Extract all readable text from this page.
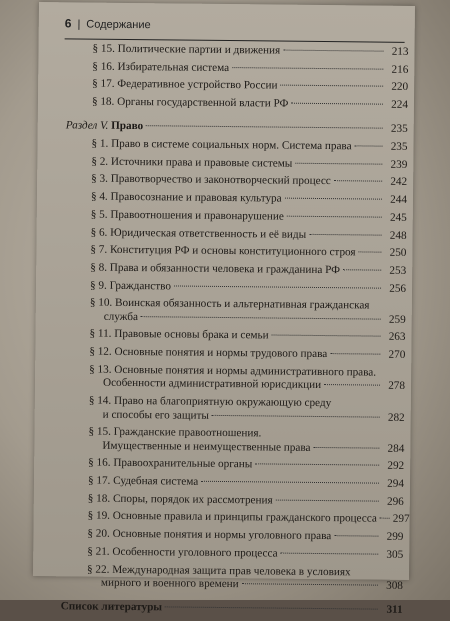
6 | Содержание
§ 15. Политические партии и движения	213
§ 16. Избирательная система	216
§ 17. Федеративное устройство России	220
§ 18. Органы государственной власти РФ	224
Раздел V.
Право	235
§ 1. Право в системе социальных норм. Система права	235
§ 2. Источники права и правовые системы	239
§ 3. Правотворчество и законотворческий процесс	242
§ 4. Правосознание и правовая культура	244
§ 5. Правоотношения и правонарушение	245
§ 6. Юридическая ответственность и её виды	248
§ 7. Конституция РФ и основы конституционного строя	250
§ 8. Права и обязанности человека и гражданина РФ	253
§ 9. Гражданство	256
§ 10. Воинская обязанность и альтернативная гражданская
служба	259
§ 11. Правовые основы брака и семьи	263
§ 12. Основные понятия и нормы трудового права	270
§ 13. Основные понятия и нормы административного права.
Особенности административной юрисдикции	278
§ 14. Право на благоприятную окружающую среду
и способы его защиты	282
§ 15. Гражданские правоотношения.
Имущественные и неимущественные права	284
§ 16. Правоохранительные органы	292
§ 17. Судебная система	294
§ 18. Споры, порядок их рассмотрения	296
§ 19. Основные правила и принципы гражданского процесса 297
§ 20. Основные понятия и нормы уголовного права	299
§ 21. Особенности уголовного процесса	305
§ 22. Международная защита прав человека в условиях
мирного и военного времени	308
Список литературы	311
